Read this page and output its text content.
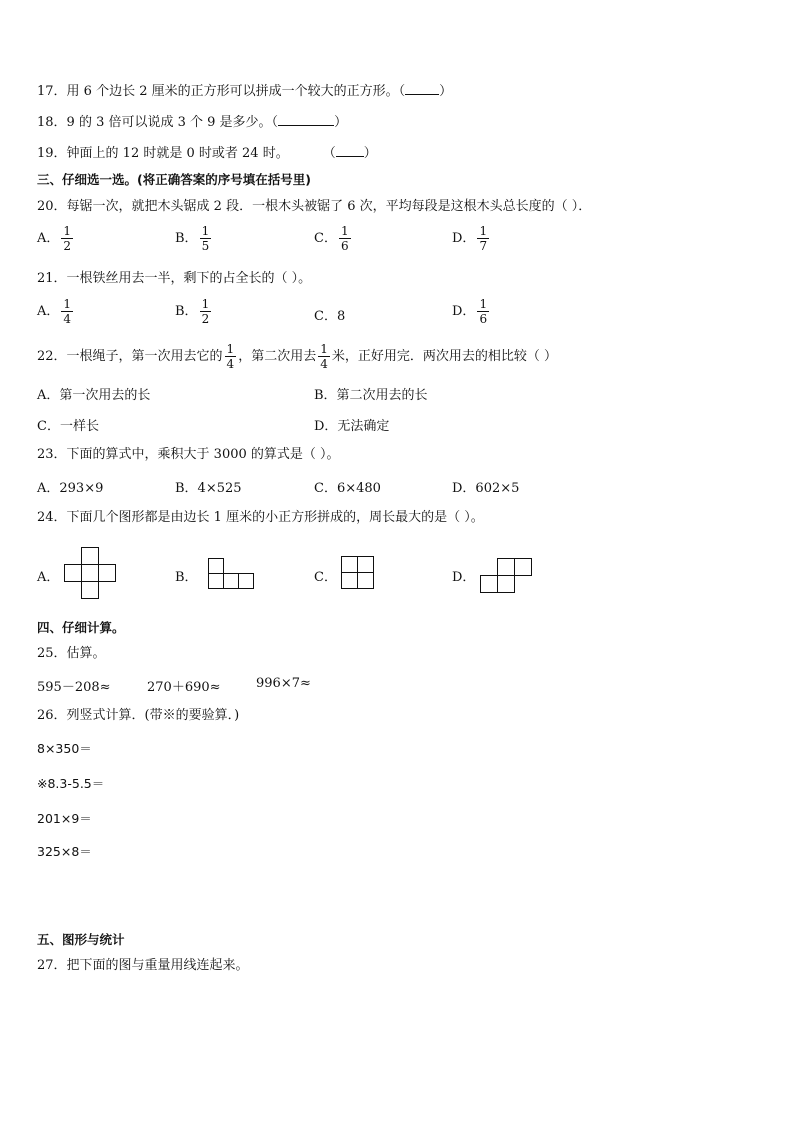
17．用 6 个边长 2 厘米的正方形可以拼成一个较大的正方形。（	）
18．9 的 3 倍可以说成 3 个 9 是多少。（	）
19．钟面上的 12 时就是 0 时或者 24 时。	（ ）
三、仔细选一选。(将正确答案的序号填在括号里)
20．每锯一次，就把木头锯成 2 段．一根木头被锯了 6 次，平均每段是这根木头总长度的（ ）．
A． $\frac{1}{2}$	B． $\frac{1}{5}$	C． $\frac{1}{6}$	D． $\frac{1}{7}$
21．一根铁丝用去一半，剩下的占全长的（ ）。
A． $\frac{1}{4}$	B． $\frac{1}{2}$	C．8	D． $\frac{1}{6}$
22．一根绳子，第一次用去它的 $\frac{1}{4}$ ，第二次用去 $\frac{1}{4}$ 米，正好用完．两次用去的相比较（ ）
A．第一次用去的长	B．第二次用去的长
C．一样长	D．无法确定
23．下面的算式中，乘积大于 3000 的算式是（ ）。
A．293×9	B．4×525	C．6×480	D．602×5
24．下面几个图形都是由边长 1 厘米的小正方形拼成的，周长最大的是（ ）。
A．	B．	C．	D．
四、仔细计算。
25．估算。
595－208≈	270＋690≈	996×7≈
26．列竖式计算．(带※的要验算．)
8×350＝
※8.3-5.5＝
201×9＝
325×8＝
五、图形与统计
27．把下面的图与重量用线连起来。
